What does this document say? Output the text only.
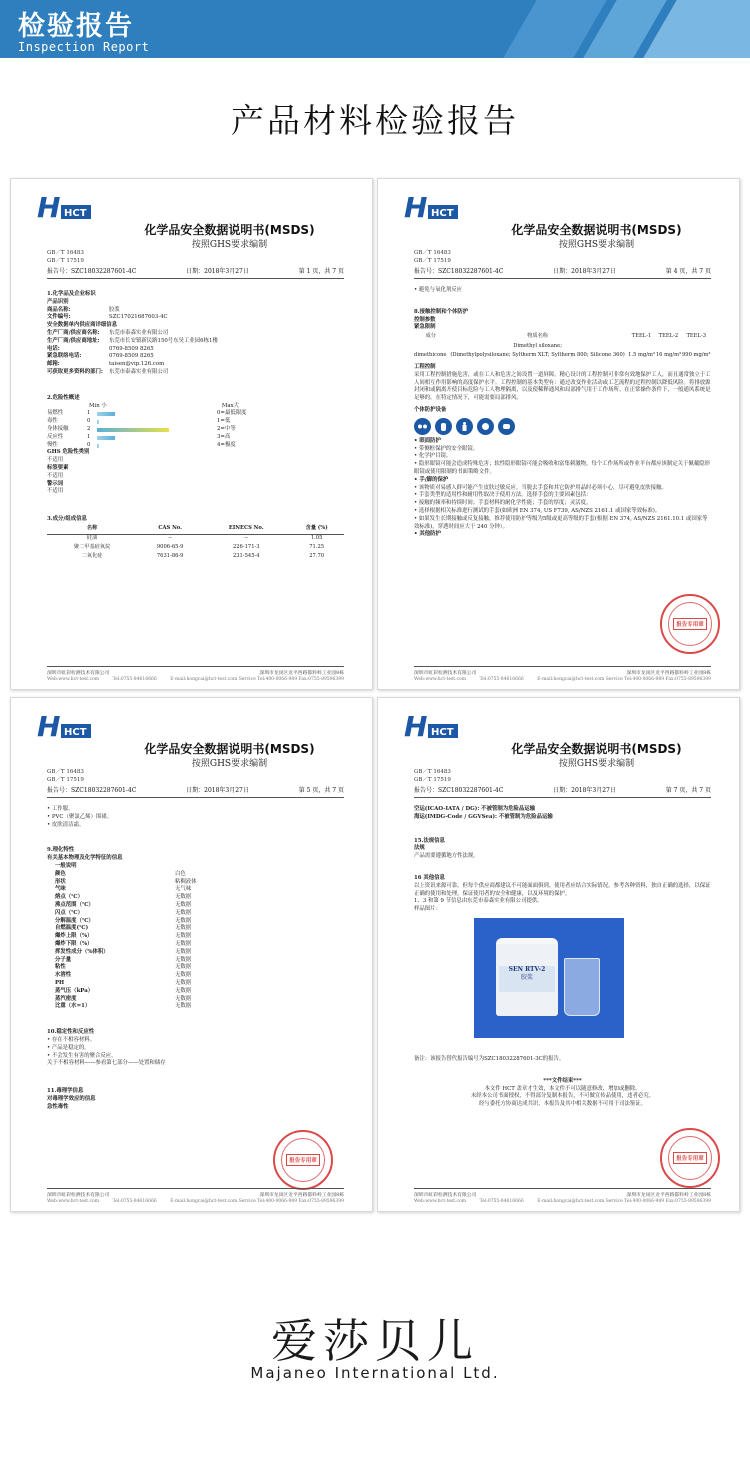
检验报告
Inspection Report
产品材料检验报告
H HCT
化学品安全数据说明书(MSDS)
按照GHS要求编制
GB／T 16483
GB／T 17519
报告号：SZC18032287601-4C	日期：2018年3月27日	第 1 页，共 7 页
1.化学品及企业标识
产品识别
商品名称:	胶浆
文件编号:	SZC17021687603-4C
安全数据单内供应商详细信息
生产厂商/供应商名称:	东莞市泰森实业有限公司
生产厂商/供应商地址:	东莞市长安镇新民路150号东昊工业园6栋1楼
电话:	0769-8509 8265
紧急联络电话:	0769-8509 8265
邮箱:	taisen@vip.126.com
可获取更多资料的部门:	东莞市泰森实业有限公司
2.危险性概述
Min 小	Max大
易燃性	1	0=最低限度
毒性	0	1=低
身体接触	2	2=中等
反应性	1	3=高
慢性	0	4=极度
GHS 危险性类别
不适用
标签要素
不适用
警示词
不适用
3.成分/组成信息
名称	CAS No.	EINECS No.	含量 (%)
硅油	--	--	1.05
聚二甲基硅氧烷	9006-65-9	226-171-3	71.25
二氧化硅	7631-86-9	231-545-4	27.70
深圳市虹彩检测技术有限公司	深圳市龙岗区龙平西路都料岭工业园8栋
Web:www.hct-test.com	Tel:0755-84616666	E-mail:hongcai@hct-test.com Service Tel:400-0066-989 Fax:0755-89596399
H HCT
化学品安全数据说明书(MSDS)
按照GHS要求编制
GB／T 16483
GB／T 17519
报告号：SZC18032287601-4C	日期：2018年3月27日	第 4 页，共 7 页
• 避免与氧化剂反应
8.接触控制和个体防护
控制参数
紧急限制
成分	物质名称	TEEL-1	TEEL-2	TEEL-3
	Dimethyl siloxane;			
dimethicone	(Dimethylpolysiloxane; Syltherm XLT; Syltherm 800; Silicone 360)	1.5 mg/m³	16 mg/m³	990 mg/m³
工程控制
采用工程控制措施危害，或在工人和危害之间设置一道屏障。精心设计的工程控制可非常有效地保护工人，而且通常独立于工人间相互作用影响的高度保护水平。工程控制的基本类型有：通过改变作业活动或工艺流程的过程控制以降低风险。将排放源封闭和或隔离开使目标危险与工人物理隔离，以及使稀释通风和局部排气用于工作场所。在正常操作条件下，一般通风系统是足够的。在特定情况下，可能需要局部排风。
个体防护设备
• 眼面防护
• 带侧框保护的安全眼镜。
• 化学护目镜。
• 隐形眼镜可能会造成特殊危害；软性隐形眼镜可能会吸收和富集刺激物。每个工作场所或作业平台都应该制定关于佩戴隐形眼镜或使用限制的书面策略文件。
• 手/脚的保护
• 该物质对易感人群可能产生皮肤过敏反应。当脱去手套和其它防护用品时必须小心，尽可避免皮肤接触。
• 手套类型的适用性和耐用性取决于使用方法。选择手套的主要因素包括：
• 接触的频率和持续时间；手套材料的耐化学性能；手套的厚度；灵活度。
• 选择根据相关标准进行测试的手套(如欧洲 EN 374, US F739, AS/NZS 2161.1 或国家等效标准)。
• 如果发生长期接触或反复接触，推荐使用防护等级为5级或更高等级的手套(根据 EN 374, AS/NZS 2161.10.1 或国家等效标准)，穿透时间应大于 240 分钟）。
• 其他防护
报告专用章
深圳市虹彩检测技术有限公司	深圳市龙岗区龙平西路都料岭工业园8栋
Web:www.hct-test.com	Tel:0755-84616666	E-mail:hongcai@hct-test.com Service Tel:400-0066-989 Fax:0755-89596399
H HCT
化学品安全数据说明书(MSDS)
按照GHS要求编制
GB／T 16483
GB／T 17519
报告号：SZC18032287601-4C	日期：2018年3月27日	第 5 页，共 7 页
• 工作服。
• PVC（聚氯乙烯）围裙。
• 皮肤清洁霜。
9.理化特性
有关基本物理及化学特征的信息
一般说明
颜色	白色
形状	粘稠液体
气味	无气味
熔点（℃）	无数据
沸点范围（℃）	无数据
闪点（℃）	无数据
分解温度（℃）	无数据
自燃温度(℃)	无数据
爆炸上限（%）	无数据
爆炸下限（%）	无数据
挥发性成分（%体积）	无数据
分子量	无数据
粘性	无数据
水溶性	无数据
PH	无数据
蒸气压（kPa）	无数据
蒸汽密度	无数据
比重（水=1）	无数据
10.稳定性和反应性
• 存在不相容材料。
• 产品是稳定的。
• 不会发生有害的聚合反应。
关于不相容材料——参看第七部分——处置和储存
11.毒理学信息
对毒理学效应的信息
急性毒性
报告专用章
深圳市虹彩检测技术有限公司	深圳市龙岗区龙平西路都料岭工业园8栋
Web:www.hct-test.com	Tel:0755-84616666	E-mail:hongcai@hct-test.com Service Tel:400-0066-989 Fax:0755-89596399
H HCT
化学品安全数据说明书(MSDS)
按照GHS要求编制
GB／T 16483
GB／T 17519
报告号：SZC18032287601-4C	日期：2018年3月27日	第 7 页，共 7 页
空运(ICAO-IATA / DG): 不被管制为危险品运输
海运(IMDG-Code / GGVSea): 不被管制为危险品运输
15.法规信息
法规
产品需要遵循地方性法规。
16 其他信息
以上资讯来源可靠，但每个供应商都建议不可能面面俱到。使用者应结合实际情况，参考各种资料，独自正确的选择，以保证正确的使用和处理，保证使用者的安全和健康，以及环境的保护。
1、3 和第 9 节信息由东莞市泰森实业有限公司提供。
样品图片：
SEN RTV-2
胶浆
备注：该报告替代报告编号为SZC18032287601-3C的报告。
***文件结束***
本文件 HCT 盖章才生效，本文件不可以随意修改、增加或删除。
未经本公司书面授权，不得部分复制本报告，不可做宣传品使用，违者必究。
经与委托方协商达成共识，本报告及其中相关数据不可用于司法鉴证。
报告专用章
深圳市虹彩检测技术有限公司	深圳市龙岗区龙平西路都料岭工业园8栋
Web:www.hct-test.com	Tel:0755-84616666	E-mail:hongcai@hct-test.com Service Tel:400-0066-989 Fax:0755-89596399
爱莎贝儿
Majaneo International Ltd.
